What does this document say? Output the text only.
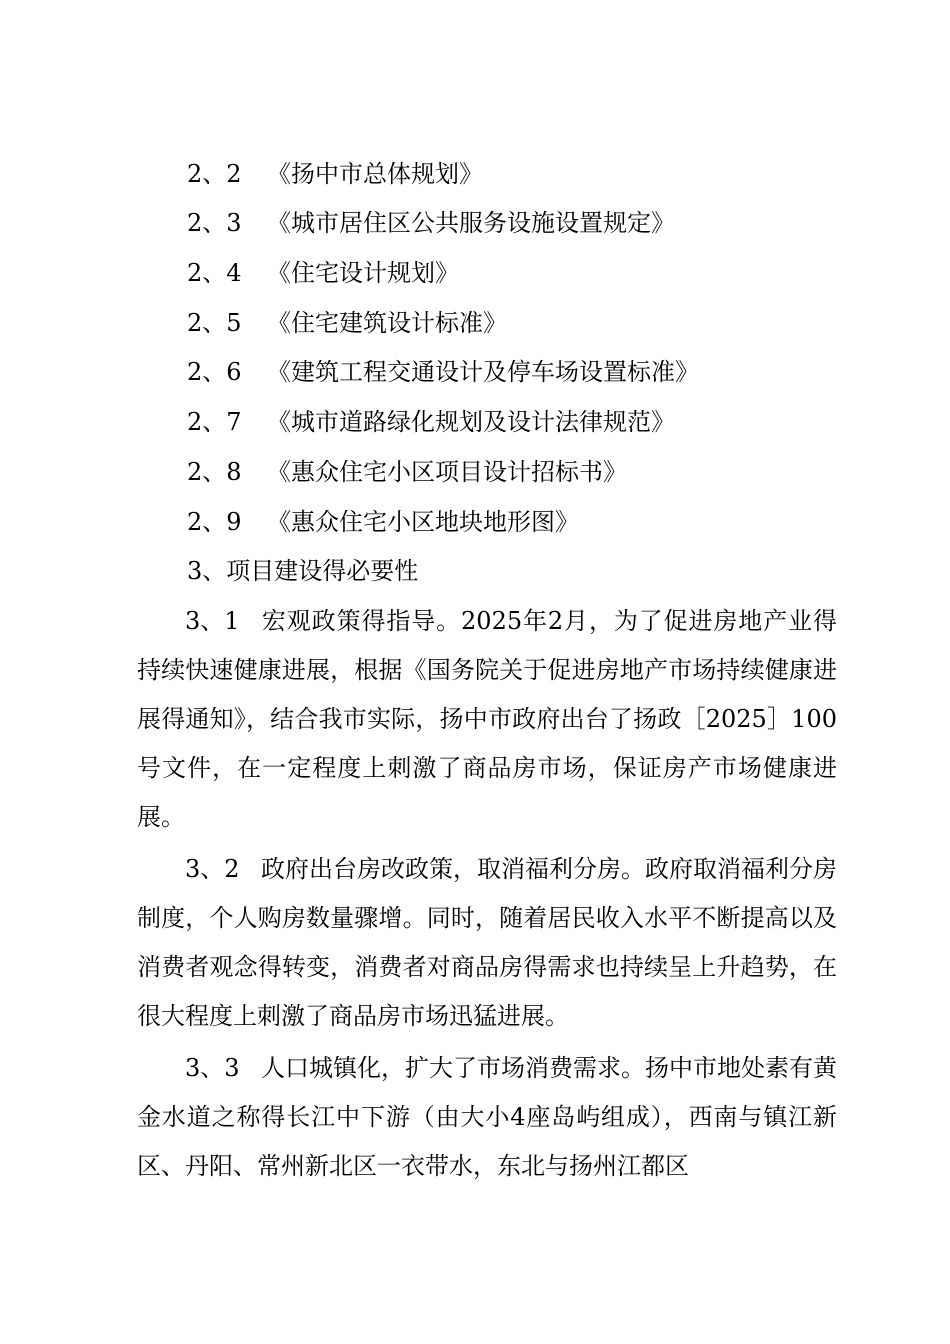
2、2 《扬中市总体规划》
2、3 《城市居住区公共服务设施设置规定》
2、4 《住宅设计规划》
2、5 《住宅建筑设计标准》
2、6 《建筑工程交通设计及停车场设置标准》
2、7 《城市道路绿化规划及设计法律规范》
2、8 《惠众住宅小区项目设计招标书》
2、9 《惠众住宅小区地块地形图》
3、项目建设得必要性
3、1 宏观政策得指导。2025年2月，为了促进房地产业得持续快速健康进展，根据《国务院关于促进房地产市场持续健康进展得通知》，结合我市实际，扬中市政府出台了扬政［2025］100号文件，在一定程度上刺激了商品房市场，保证房产市场健康进展。
3、2 政府出台房改政策，取消福利分房。政府取消福利分房制度，个人购房数量骤增。同时，随着居民收入水平不断提高以及消费者观念得转变，消费者对商品房得需求也持续呈上升趋势，在很大程度上刺激了商品房市场迅猛进展。
3、3 人口城镇化，扩大了市场消费需求。扬中市地处素有黄金水道之称得长江中下游（由大小4座岛屿组成），西南与镇江新区、丹阳、常州新北区一衣带水，东北与扬州江都区
